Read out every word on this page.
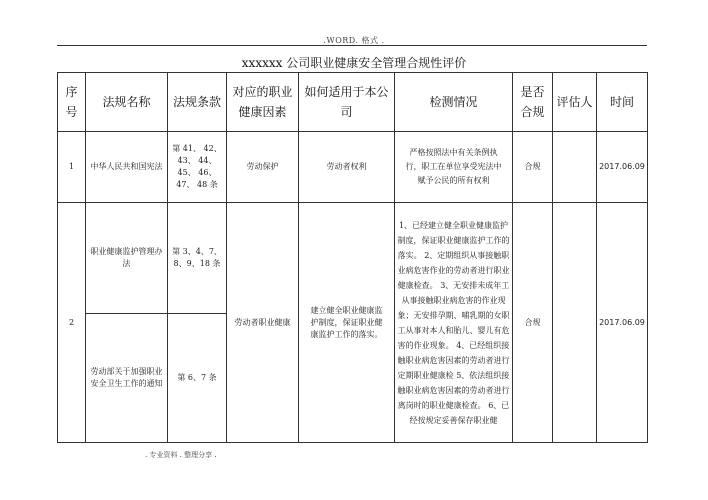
.WORD. 格式 .
xxxxxx 公司职业健康安全管理合规性评价
序号	法规名称	法规条款	对应的职业健康因素	如何适用于本公司	检测情况	是否合规	评估人	时间
1	中华人民共和国宪法	第 41、 42、 43、 44、 45、 46、 47、 48 条	劳动保护	劳动者权利	严格按照法中有关条例执行，职工在单位享受宪法中赋予公民的所有权利	合规		2017.06.09
2	职业健康监护管理办法	第 3、4、7、8、9、18 条	劳动者职业健康	建立健全职业健康监护制度，保证职业健康监护工作的落实。	1、已经建立健全职业健康监护制度，保证职业健康监护工作的落实。 2、定期组织从事接触职业病危害作业的劳动者进行职业健康检查。 3、无安排未成年工从事接触职业病危害的作业现象；无安排孕期、哺乳期的女职工从事对本人和胎儿、婴儿有危害的作业现象。 4、已经组织接触职业病危害因素的劳动者进行定期职业健康检 5、依法组织接触职业病危害因素的劳动者进行离岗时的职业健康检查。 6、已经按规定妥善保存职业健	合规		2017.06.09
	劳动部关于加强职业安全卫生工作的通知	第 6、7 条						
. 专业资料 . 整理分享 .
